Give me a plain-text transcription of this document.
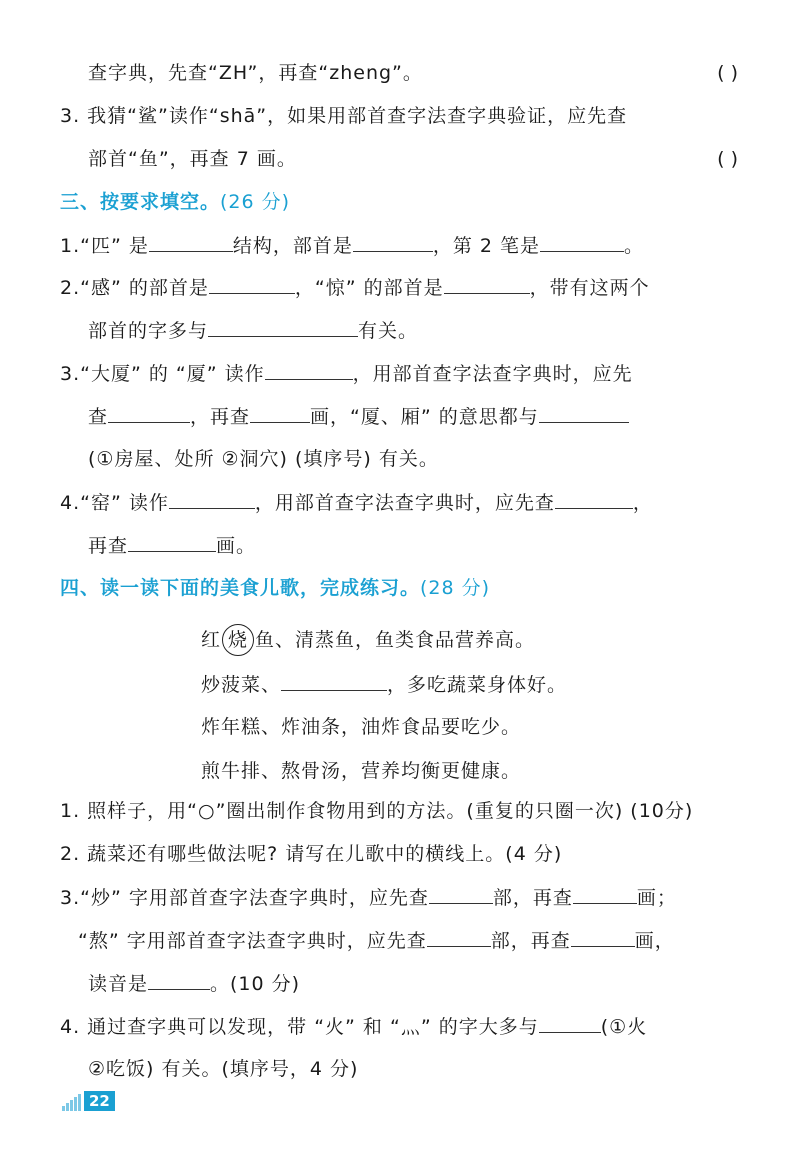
查字典，先查“ZH”，再查“zheng”。	( )
3. 我猜“鲨”读作“shā”，如果用部首查字法查字典验证，应先查
部首“鱼”，再查 7 画。	( )
三、按要求填空。(26 分)
1.“匹” 是	结构，部首是	，第 2 笔是	。
2.“感” 的部首是	，“惊” 的部首是	，带有这两个
部首的字多与	有关。
3.“大厦” 的 “厦” 读作	，用部首查字法查字典时，应先
查	，再查	画，“厦、厢” 的意思都与
(①房屋、处所 ②洞穴) (填序号) 有关。
4.“窑” 读作	，用部首查字法查字典时，应先查	，
再查	画。
四、读一读下面的美食儿歌，完成练习。(28 分)
红 烧 鱼、清蒸鱼，鱼类食品营养高。
炒菠菜、	，多吃蔬菜身体好。
炸年糕、炸油条，油炸食品要吃少。
煎牛排、熬骨汤，营养均衡更健康。
1. 照样子，用“○”圈出制作食物用到的方法。(重复的只圈一次) (10分)
2. 蔬菜还有哪些做法呢? 请写在儿歌中的横线上。(4 分)
3.“炒” 字用部首查字法查字典时，应先查	部，再查	画；
“熬” 字用部首查字法查字典时，应先查	部，再查	画，
读音是	。(10 分)
4. 通过查字典可以发现，带 “火” 和 “灬” 的字大多与	(①火
②吃饭) 有关。(填序号，4 分)
22
